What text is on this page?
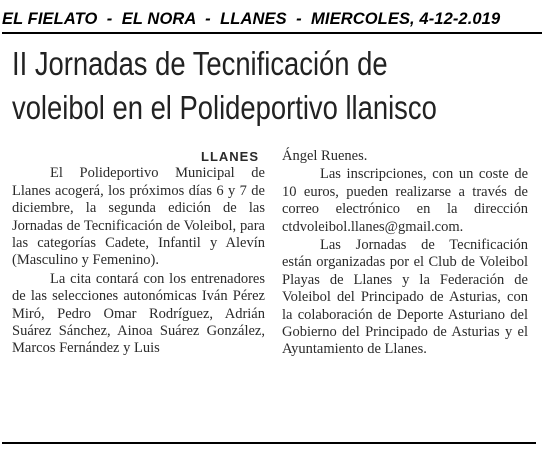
EL FIELATO  -  EL NORA  -  LLANES  -  MIERCOLES, 4-12-2.019
II Jornadas de Tecnificación de
voleibol en el Polideportivo llanisco
LLANES

El Polideportivo Municipal de Llanes acogerá, los próximos días 6 y 7 de diciembre, la segunda edición de las Jornadas de Tecnificación de Voleibol, para las categorías Cadete, Infantil y Alevín (Masculino y Femenino).

La cita contará con los entrenadores de las selecciones autonómicas Iván Pérez Miró, Pedro Omar Rodríguez, Adrián Suárez Sánchez, Ainoa Suárez González, Marcos Fernández y Luis

Ángel Ruenes.

Las inscripciones, con un coste de 10 euros, pueden realizarse a través de correo electrónico en la dirección ctdvoleibol.llanes@gmail.com.

Las Jornadas de Tecnificación están organizadas por el Club de Voleibol Playas de Llanes y la Federación de Voleibol del Principado de Asturias, con la colaboración de Deporte Asturiano del Gobierno del Principado de Asturias y el Ayuntamiento de Llanes.
